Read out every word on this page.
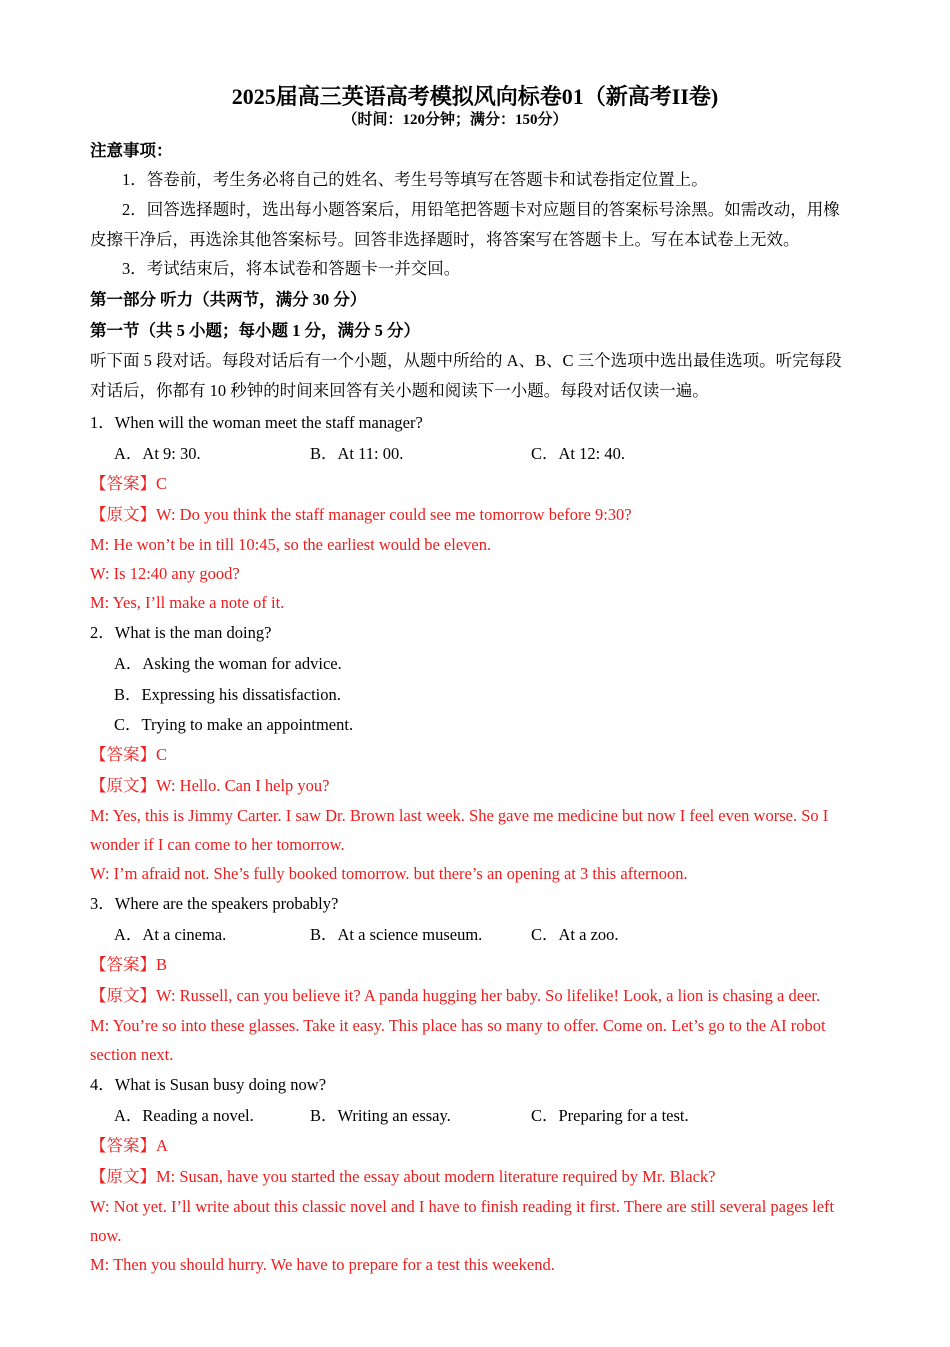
2025届高三英语高考模拟风向标卷01（新高考II卷)
（时间：120分钟；满分：150分）
注意事项：
1．答卷前，考生务必将自己的姓名、考生号等填写在答题卡和试卷指定位置上。
2．回答选择题时，选出每小题答案后，用铅笔把答题卡对应题目的答案标号涂黑。如需改动，用橡
皮擦干净后，再选涂其他答案标号。回答非选择题时，将答案写在答题卡上。写在本试卷上无效。
3．考试结束后，将本试卷和答题卡一并交回。
第一部分 听力（共两节，满分 30 分）
第一节（共 5 小题；每小题 1 分，满分 5 分）
听下面 5 段对话。每段对话后有一个小题，从题中所给的 A、B、C 三个选项中选出最佳选项。听完每段
对话后，你都有 10 秒钟的时间来回答有关小题和阅读下一小题。每段对话仅读一遍。
1．When will the woman meet the staff manager?
A．At 9: 30.	B．At 11: 00.	C．At 12: 40.
【答案】C
【原文】W: Do you think the staff manager could see me tomorrow before 9:30?
M: He won’t be in till 10:45, so the earliest would be eleven.
W: Is 12:40 any good?
M: Yes, I’ll make a note of it.
2．What is the man doing?
A．Asking the woman for advice.
B．Expressing his dissatisfaction.
C．Trying to make an appointment.
【答案】C
【原文】W: Hello. Can I help you?
M: Yes, this is Jimmy Carter. I saw Dr. Brown last week. She gave me medicine but now I feel even worse. So I
wonder if I can come to her tomorrow.
W: I’m afraid not. She’s fully booked tomorrow. but there’s an opening at 3 this afternoon.
3．Where are the speakers probably?
A．At a cinema.	B．At a science museum.	C．At a zoo.
【答案】B
【原文】W: Russell, can you believe it? A panda hugging her baby. So lifelike! Look, a lion is chasing a deer.
M: You’re so into these glasses. Take it easy. This place has so many to offer. Come on. Let’s go to the AI robot
section next.
4．What is Susan busy doing now?
A．Reading a novel.	B．Writing an essay.	C．Preparing for a test.
【答案】A
【原文】M: Susan, have you started the essay about modern literature required by Mr. Black?
W: Not yet. I’ll write about this classic novel and I have to finish reading it first. There are still several pages left
now.
M: Then you should hurry. We have to prepare for a test this weekend.
